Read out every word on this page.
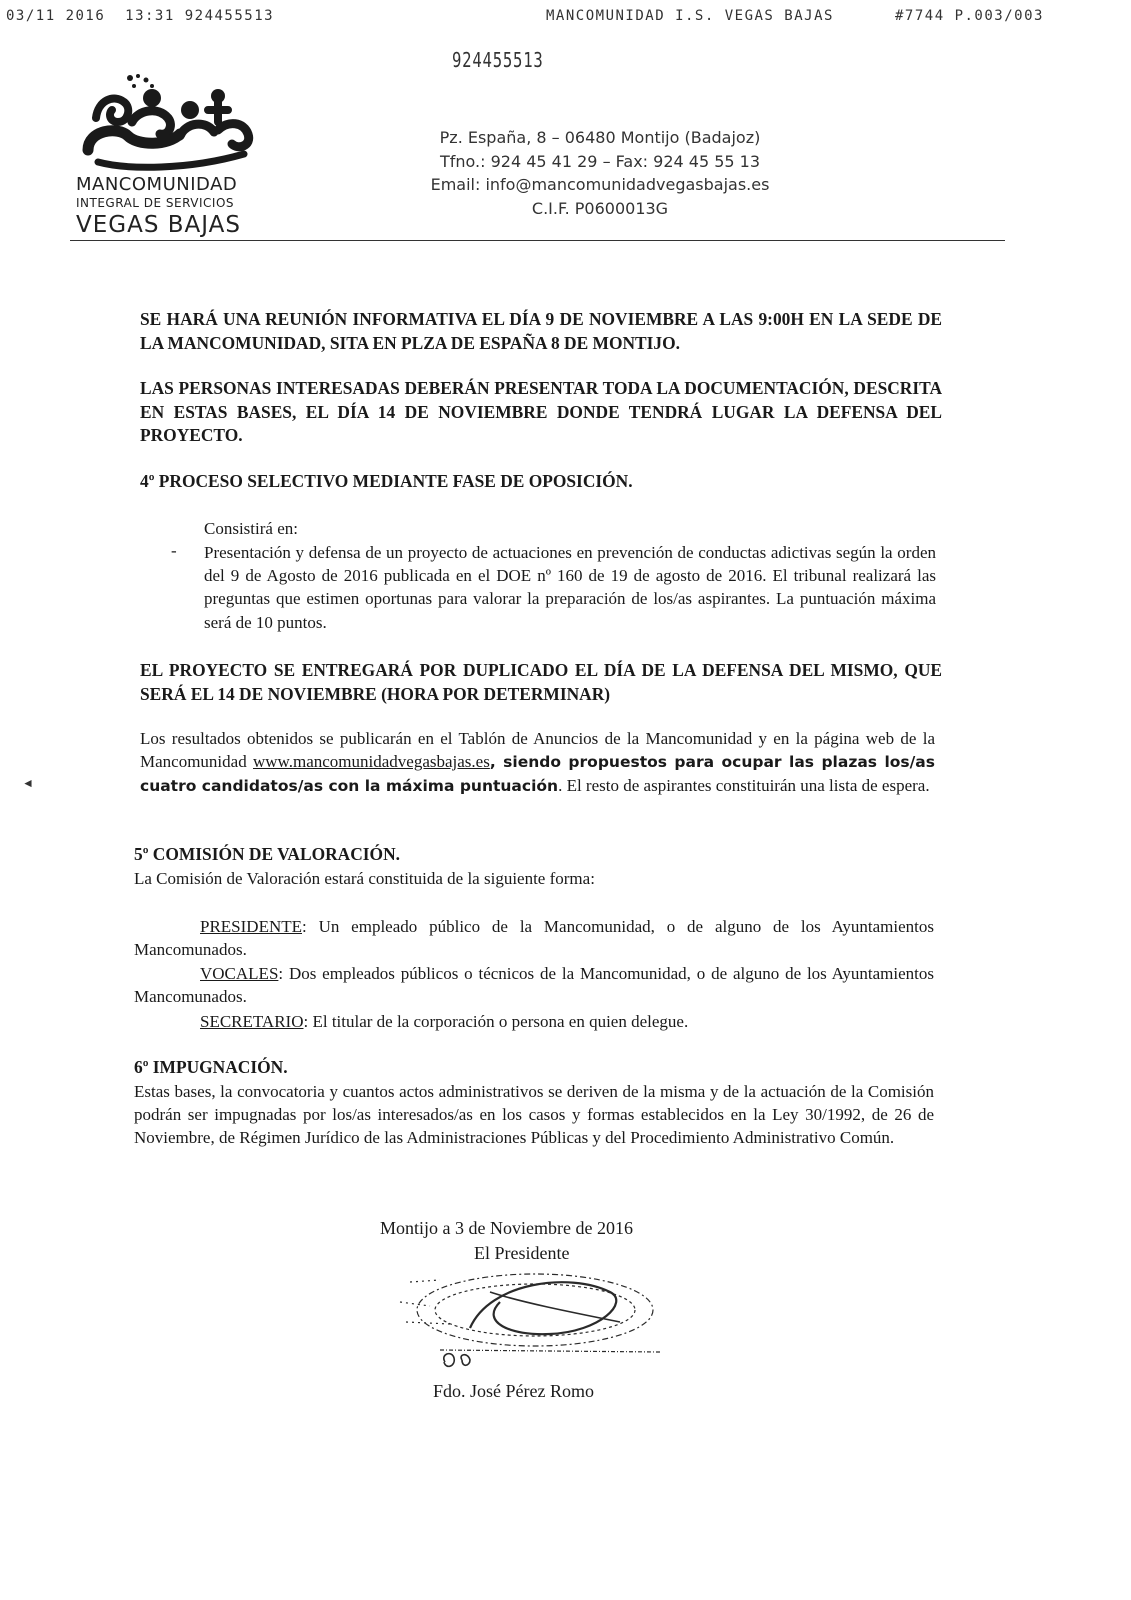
03/11 2016  13:31 924455513	MANCOMUNIDAD I.S. VEGAS BAJAS	#7744 P.003/003
924455513
MANCOMUNIDAD
INTEGRAL DE SERVICIOS
VEGAS BAJAS
Pz. España, 8 – 06480 Montijo (Badajoz)
Tfno.: 924 45 41 29 – Fax: 924 45 55 13
Email: info@mancomunidadvegasbajas.es
C.I.F. P0600013G
SE HARÁ UNA REUNIÓN INFORMATIVA EL DÍA 9 DE NOVIEMBRE A LAS 9:00H EN LA SEDE DE LA MANCOMUNIDAD, SITA EN PLZA DE ESPAÑA 8 DE MONTIJO.
LAS PERSONAS INTERESADAS DEBERÁN PRESENTAR TODA LA DOCUMENTACIÓN, DESCRITA EN ESTAS BASES, EL DÍA 14 DE NOVIEMBRE DONDE TENDRÁ LUGAR LA DEFENSA DEL PROYECTO.
4º PROCESO SELECTIVO MEDIANTE FASE DE OPOSICIÓN.
Consistirá en:
- Presentación y defensa de un proyecto de actuaciones en prevención de conductas adictivas según la orden del 9 de Agosto de 2016 publicada en el DOE nº 160 de 19 de agosto de 2016. El tribunal realizará las preguntas que estimen oportunas para valorar la preparación de los/as aspirantes. La puntuación máxima será de 10 puntos.
EL PROYECTO SE ENTREGARÁ POR DUPLICADO EL DÍA DE LA DEFENSA DEL MISMO, QUE SERÁ EL 14 DE NOVIEMBRE (HORA POR DETERMINAR)
Los resultados obtenidos se publicarán en el Tablón de Anuncios de la Mancomunidad y en la página web de la Mancomunidad www.mancomunidadvegasbajas.es, siendo propuestos para ocupar las plazas los/as cuatro candidatos/as con la máxima puntuación. El resto de aspirantes constituirán una lista de espera.
5º COMISIÓN DE VALORACIÓN.
La Comisión de Valoración estará constituida de la siguiente forma:
PRESIDENTE: Un empleado público de la Mancomunidad, o de alguno de los Ayuntamientos Mancomunados.
VOCALES: Dos empleados públicos o técnicos de la Mancomunidad, o de alguno de los Ayuntamientos Mancomunados.
SECRETARIO: El titular de la corporación o persona en quien delegue.
6º IMPUGNACIÓN.
Estas bases, la convocatoria y cuantos actos administrativos se deriven de la misma y de la actuación de la Comisión podrán ser impugnadas por los/as interesados/as en los casos y formas establecidos en la Ley 30/1992, de 26 de Noviembre, de Régimen Jurídico de las Administraciones Públicas y del Procedimiento Administrativo Común.
Montijo a 3 de Noviembre de 2016
El Presidente
Fdo. José Pérez Romo
◄
